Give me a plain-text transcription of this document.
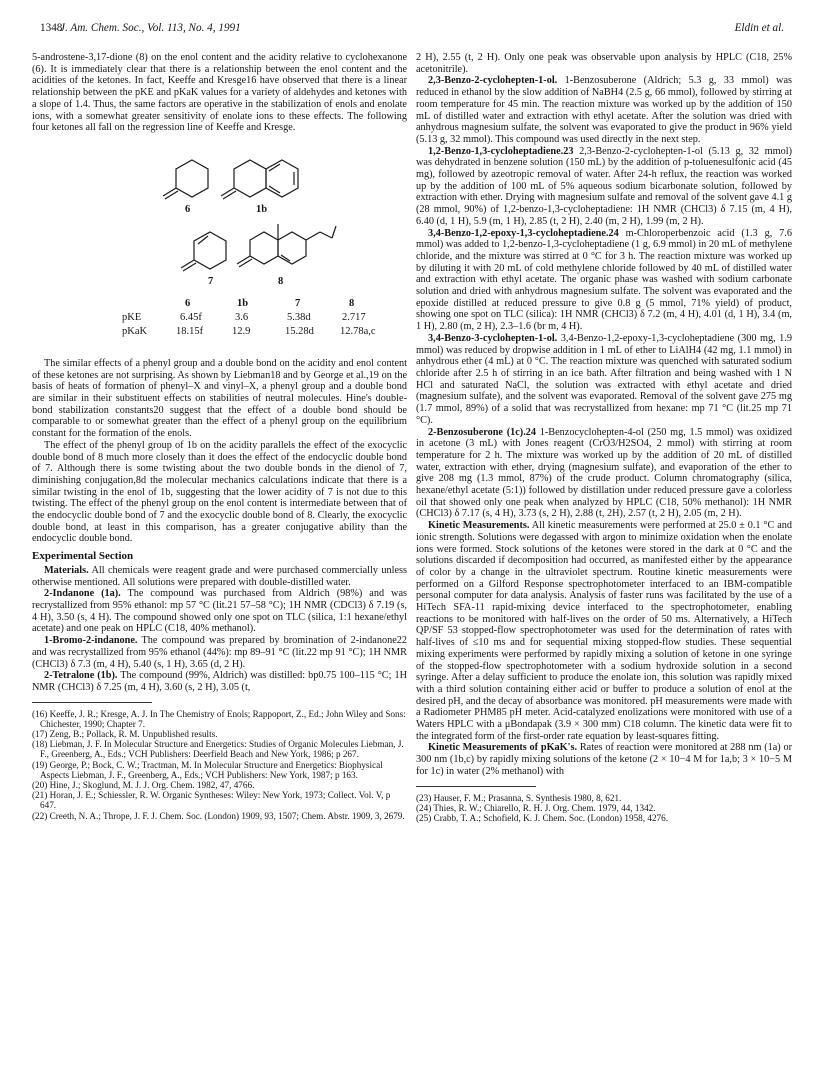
1348
J. Am. Chem. Soc., Vol. 113, No. 4, 1991	Eldin et al.

5-androstene-3,17-dione (8) on the enol content and the acidity relative to cyclohexanone (6). It is immediately clear that there is a relationship between the enol content and the acidities of the ketones. In fact, Keeffe and Kresge16 have observed that there is a linear relationship between the pKE and pKaK values for a variety of aldehydes and ketones with a slope of 1.4. Thus, the same factors are operative in the stabilization of enols and enolate ions, with a somewhat greater sensitivity of enolate ions to these effects. The following four ketones all fall on the regression line of Keeffe and Kresge.

6	1b
7	8
6	1b	7	8
pKE	6.45f	3.6	5.38d	2.717
pKaK	18.15f	12.9	15.28d 12.78a,c

The similar effects of a phenyl group and a double bond on the acidity and enol content of these ketones are not surprising. As shown by Liebman18 and by George et al.,19 on the basis of heats of formation of phenyl–X and vinyl–X, a phenyl group and a double bond are similar in their substituent effects on stabilities of neutral molecules. Hine's double-bond stabilization constants20 suggest that the effect of a double bond should be comparable to or somewhat greater than the effect of a phenyl group on the equilibrium constant for the formation of the enols.

The effect of the phenyl group of 1b on the acidity parallels the effect of the exocyclic double bond of 8 much more closely than it does the effect of the endocyclic double bond of 7. Although there is some twisting about the two double bonds in the dienol of 7, diminishing conjugation,8d the molecular mechanics calculations indicate that there is a similar twisting in the enol of 1b, suggesting that the lower acidity of 7 is not due to this twisting. The effect of the phenyl group on the enol content is intermediate between that of the endocyclic double bond of 7 and the exocyclic double bond of 8. Clearly, the exocyclic double bond, at least in this comparison, has a greater conjugative ability than the endocyclic double bond.

Experimental Section

Materials. All chemicals were reagent grade and were purchased commercially unless otherwise mentioned. All solutions were prepared with double-distilled water.

2-Indanone (1a). The compound was purchased from Aldrich (98%) and was recrystallized from 95% ethanol: mp 57 °C (lit.21 57–58 °C); 1H NMR (CDCl3) δ 7.19 (s, 4 H), 3.50 (s, 4 H). The compound showed only one spot on TLC (silica, 1:1 hexane/ethyl acetate) and one peak on HPLC (C18, 40% methanol).

1-Bromo-2-indanone. The compound was prepared by bromination of 2-indanone22 and was recrystallized from 95% ethanol (44%): mp 89–91 °C (lit.22 mp 91 °C); 1H NMR (CHCl3) δ 7.3 (m, 4 H), 5.40 (s, 1 H), 3.65 (d, 2 H).

2-Tetralone (1b). The compound (99%, Aldrich) was distilled: bp0.75 100–115 °C; 1H NMR (CHCl3) δ 7.25 (m, 4 H), 3.60 (s, 2 H), 3.05 (t,

(16) Keeffe, J. R.; Kresge, A. J. In The Chemistry of Enols; Rappoport, Z., Ed.; John Wiley and Sons: Chichester, 1990; Chapter 7.
(17) Zeng, B.; Pollack, R. M. Unpublished results.
(18) Liebman, J. F. In Molecular Structure and Energetics: Studies of Organic Molecules Liebman, J. F., Greenberg, A., Eds.; VCH Publishers: Deerfield Beach and New York, 1986; p 267.
(19) George, P.; Bock, C. W.; Tractman, M. In Molecular Structure and Energetics: Biophysical Aspects Liebman, J. F., Greenberg, A., Eds.; VCH Publishers: New York, 1987; p 163.
(20) Hine, J.; Skoglund, M. J. J. Org. Chem. 1982, 47, 4766.
(21) Horan, J. E.; Schiessler, R. W. Organic Syntheses: Wiley: New York, 1973; Collect. Vol. V, p 647.
(22) Creeth, N. A.; Thrope, J. F. J. Chem. Soc. (London) 1909, 93, 1507; Chem. Abstr. 1909, 3, 2679.

2 H), 2.55 (t, 2 H). Only one peak was observable upon analysis by HPLC (C18, 25% acetonitrile).

2,3-Benzo-2-cyclohepten-1-ol. 1-Benzosuberone (Aldrich; 5.3 g, 33 mmol) was reduced in ethanol by the slow addition of NaBH4 (2.5 g, 66 mmol), followed by stirring at room temperature for 45 min. The reaction mixture was worked up by the addition of 150 mL of distilled water and extraction with ethyl acetate. After the solution was dried with anhydrous magnesium sulfate, the solvent was evaporated to give the product in 96% yield (5.13 g, 32 mmol). This compound was used directly in the next step.

1,2-Benzo-1,3-cycloheptadiene.23 2,3-Benzo-2-cyclohepten-1-ol (5.13 g, 32 mmol) was dehydrated in benzene solution (150 mL) by the addition of p-toluenesulfonic acid (45 mg), followed by azeotropic removal of water. After 24-h reflux, the reaction was worked up by the addition of 100 mL of 5% aqueous sodium bicarbonate solution, followed by extraction with ether. Drying with magnesium sulfate and removal of the solvent gave 4.1 g (28 mmol, 90%) of 1,2-benzo-1,3-cycloheptadiene: 1H NMR (CHCl3) δ 7.15 (m, 4 H), 6.40 (d, 1 H), 5.9 (m, 1 H), 2.85 (t, 2 H), 2.40 (m, 2 H), 1.99 (m, 2 H).

3,4-Benzo-1,2-epoxy-1,3-cycloheptadiene.24 m-Chloroperbenzoic acid (1.3 g, 7.6 mmol) was added to 1,2-benzo-1,3-cycloheptadiene (1 g, 6.9 mmol) in 20 mL of methylene chloride, and the mixture was stirred at 0 °C for 3 h. The reaction mixture was worked up by diluting it with 20 mL of cold methylene chloride followed by 40 mL of distilled water and extraction with ethyl acetate. The organic phase was washed with sodium carbonate solution and dried with anhydrous magnesium sulfate. The solvent was evaporated and the epoxide distilled at reduced pressure to give 0.8 g (5 mmol, 71% yield) of product, showing one spot on TLC (silica): 1H NMR (CHCl3) δ 7.2 (m, 4 H), 4.01 (d, 1 H), 3.4 (m, 1 H), 2.80 (m, 2 H), 2.3–1.6 (br m, 4 H).

3,4-Benzo-3-cyclohepten-1-ol. 3,4-Benzo-1,2-epoxy-1,3-cycloheptadiene (300 mg, 1.9 mmol) was reduced by dropwise addition in 1 mL of ether to LiAlH4 (42 mg, 1.1 mmol) in anhydrous ether (4 mL) at 0 °C. The reaction mixture was quenched with saturated sodium chloride after 2.5 h of stirring in an ice bath. After filtration and being washed with 1 N HCl and saturated NaCl, the solution was extracted with ethyl acetate and dried (magnesium sulfate), and the solvent was evaporated. Removal of the solvent gave 275 mg (1.7 mmol, 89%) of a solid that was recrystallized from hexane: mp 71 °C (lit.25 mp 71 °C).

2-Benzosuberone (1c).24 1-Benzocyclohepten-4-ol (250 mg, 1.5 mmol) was oxidized in acetone (3 mL) with Jones reagent (CrO3/H2SO4, 2 mmol) with stirring at room temperature for 2 h. The mixture was worked up by the addition of 20 mL of distilled water, extraction with ether, drying (magnesium sulfate), and evaporation of the ether to give 208 mg (1.3 mmol, 87%) of the crude product. Column chromatography (silica, hexane/ethyl acetate (5:1)) followed by distillation under reduced pressure gave a colorless oil that showed only one peak when analyzed by HPLC (C18, 50% methanol): 1H NMR (CHCl3) δ 7.17 (s, 4 H), 3.73 (s, 2 H), 2.88 (t, 2H), 2.57 (t, 2 H), 2.05 (m, 2 H).

Kinetic Measurements. All kinetic measurements were performed at 25.0 ± 0.1 °C and ionic strength. Solutions were degassed with argon to minimize oxidation when the enolate ions were formed. Stock solutions of the ketones were stored in the dark at 0 °C and the solutions discarded if decomposition had occurred, as manifested either by the appearance of color by a change in the ultraviolet spectrum. Routine kinetic measurements were performed on a Gilford Response spectrophotometer interfaced to an IBM-compatible personal computer for data analysis. Analysis of faster runs was facilitated by the use of a HiTech SFA-11 rapid-mixing device interfaced to the spectrophotometer, enabling reactions to be monitored with half-lives on the order of 50 ms. Alternatively, a HiTech QP/SF 53 stopped-flow spectrophotometer was used for the determination of rates with half-lives of ≤10 ms and for sequential mixing stopped-flow studies. These sequential mixing experiments were performed by rapidly mixing a solution of ketone in one syringe of the stopped-flow spectrophotometer with a sodium hydroxide solution in a second syringe. After a delay sufficient to produce the enolate ion, this solution was rapidly mixed with a third solution containing either acid or buffer to produce a solution of enol at the desired pH, and the decay of absorbance was monitored. pH measurements were made with a Radiometer PHM85 pH meter. Acid-catalyzed enolizations were monitored with use of a Waters HPLC with a μBondapak (3.9 × 300 mm) C18 column. The kinetic data were fit to the integrated form of the first-order rate equation by least-squares fitting.

Kinetic Measurements of pKaK's. Rates of reaction were monitored at 288 nm (1a) or 300 nm (1b,c) by rapidly mixing solutions of the ketone (2 × 10−4 M for 1a,b; 3 × 10−5 M for 1c) in water (2% methanol) with

(23) Hauser, F. M.; Prasanna, S. Synthesis 1980, 8, 621.
(24) Thies, R. W.; Chiarello, R. H. J. Org. Chem. 1979, 44, 1342.
(25) Crabb, T. A.; Schofield, K. J. Chem. Soc. (London) 1958, 4276.
